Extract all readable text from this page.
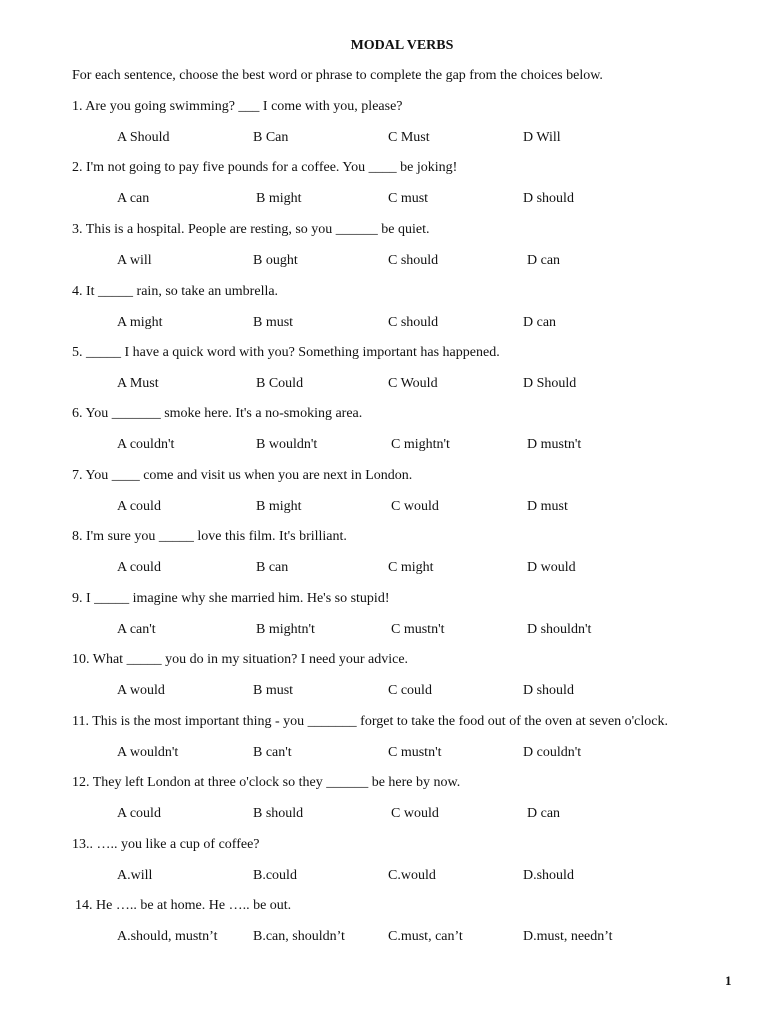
MODAL VERBS
For each sentence, choose the best word or phrase to complete the gap from the choices below.
1. Are you going swimming? ___ I come with you, please?
A Should	B Can	C Must	D Will
2. I'm not going to pay five pounds for a coffee. You ____ be joking!
A can	B might	C must	D should
3. This is a hospital. People are resting, so you ______ be quiet.
A will	B ought	C should	D can
4. It _____ rain, so take an umbrella.
A might	B must	C should	D can
5. _____ I have a quick word with you? Something important has happened.
A Must	B Could	C Would	D Should
6. You _______ smoke here. It's a no-smoking area.
A couldn't	B wouldn't	C mightn't	D mustn't
7. You ____ come and visit us when you are next in London.
A could	B might	C would	D must
8. I'm sure you _____ love this film. It's brilliant.
A could	B can	C might	D would
9. I _____ imagine why she married him. He's so stupid!
A can't	B mightn't	C mustn't	D shouldn't
10. What _____ you do in my situation? I need your advice.
A would	B must	C could	D should
11. This is the most important thing - you _______ forget to take the food out of the oven at seven o'clock.
A wouldn't	B can't	C mustn't	D couldn't
12. They left London at three o'clock so they ______ be here by now.
A could	B should	C would	D can
13.. ….. you like a cup of coffee?
A.will	B.could	C.would	D.should
14. He ….. be at home. He ….. be out.
A.should, mustn’t	B.can, shouldn’t	C.must, can’t	D.must, needn’t
1
